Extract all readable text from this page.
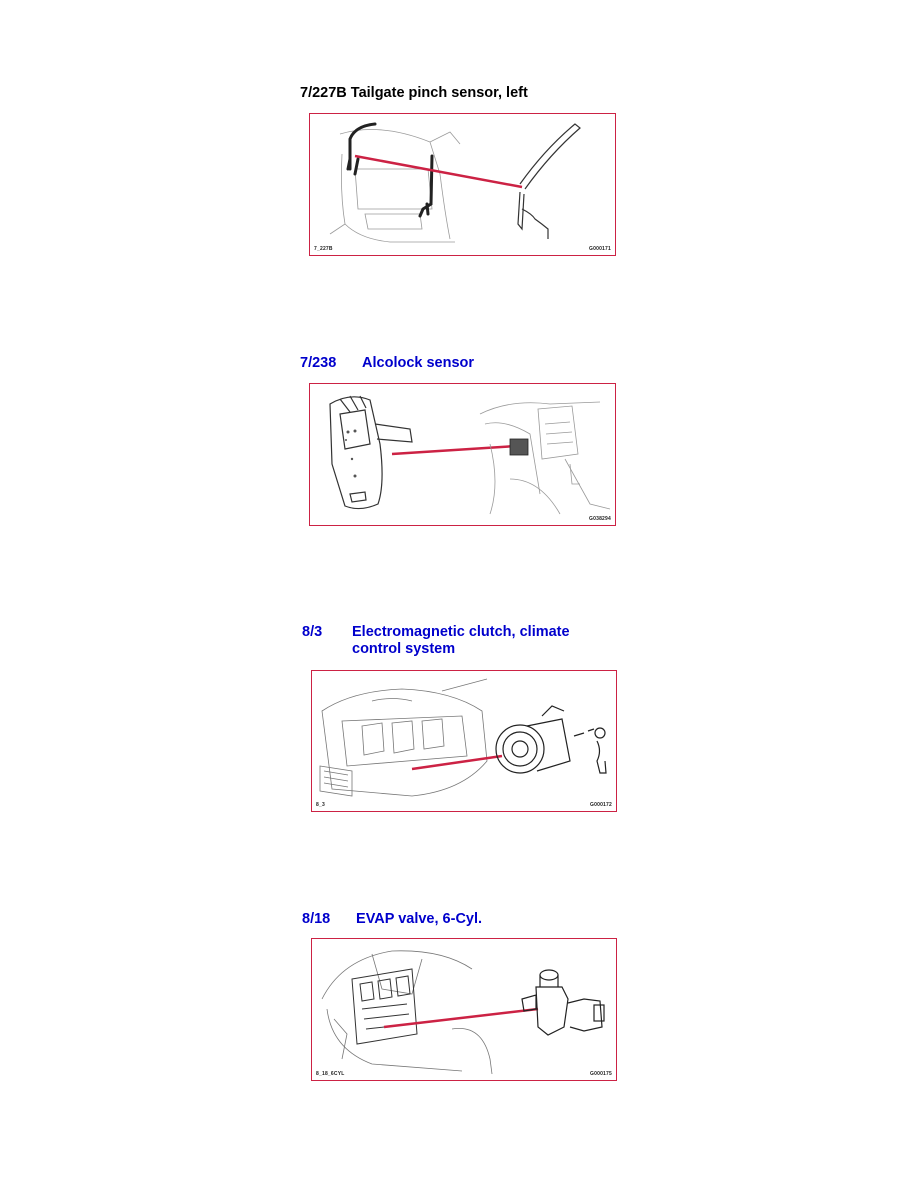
7/227B Tailgate pinch sensor, left
7_227B	G000171
7/238 Alcolock sensor
G038294
8/3 Electromagnetic clutch, climate
control system
8_3	G000172
8/18 EVAP valve, 6-Cyl.
8_18_6CYL	G000175
